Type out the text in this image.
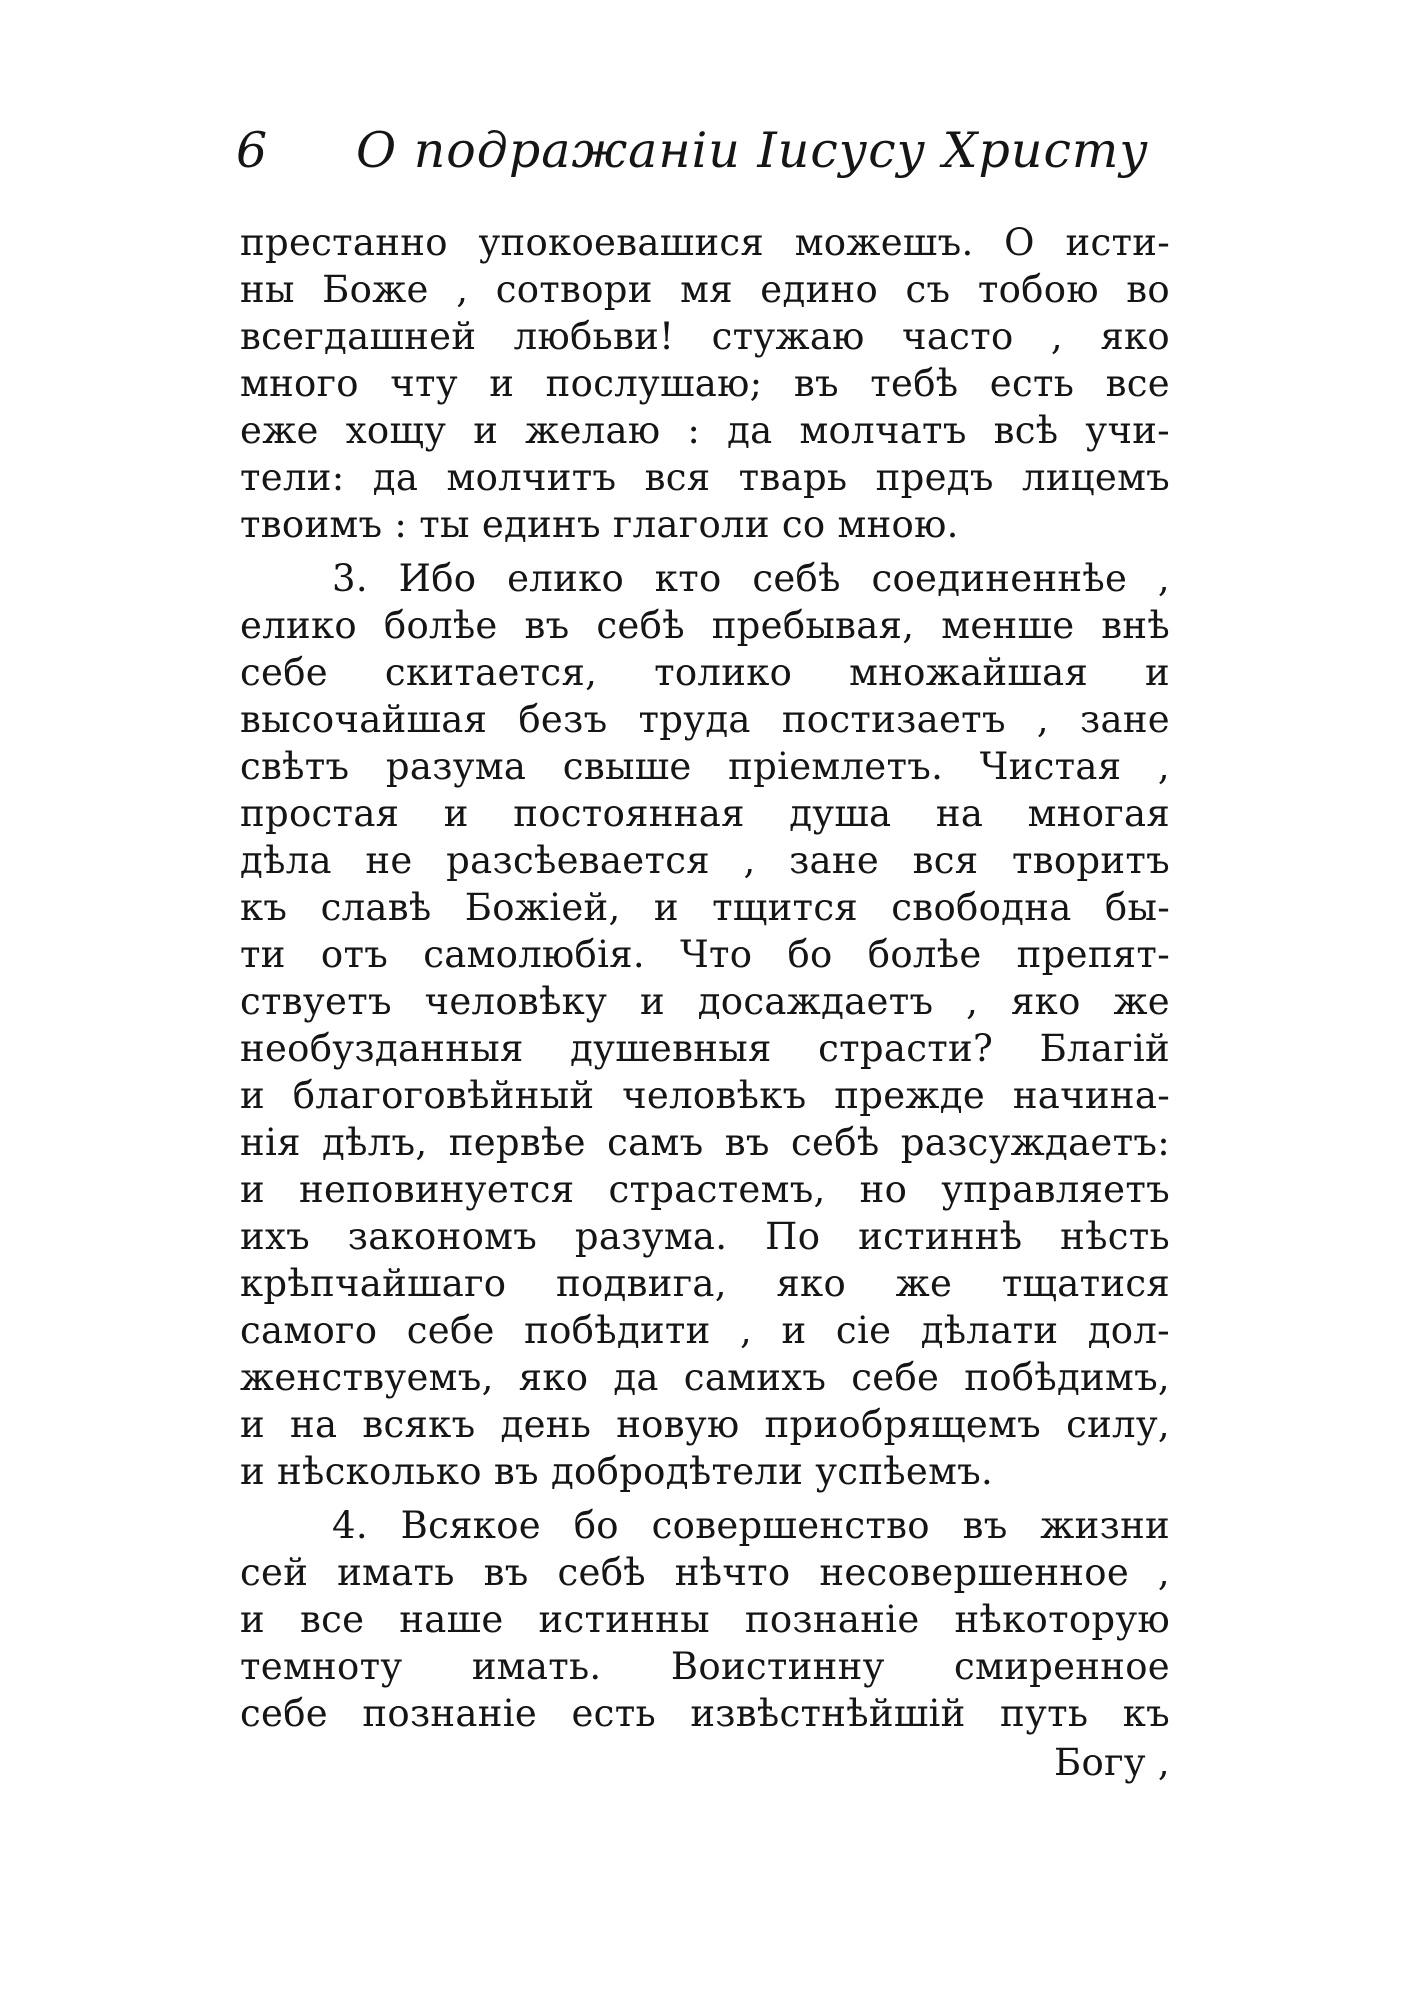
6 О подражаніи Іисусу Христу
престанно упокоевашися можешъ. О исти-
ны Боже , сотвори мя едино съ тобою во
всегдашней любьви! стужаю часто , яко
много чту и послушаю; въ тебѣ есть все
еже хощу и желаю : да молчатъ всѣ учи-
тели: да молчитъ вся тварь предъ лицемъ
твоимъ : ты единъ глаголи со мною.
3. Ибо елико кто себѣ соединеннѣе ,
елико болѣе въ себѣ пребывая, менше внѣ
себе скитается, толико множайшая и
высочайшая безъ труда постизаетъ , зане
свѣтъ разума свыше пріемлетъ. Чистая ,
простая и постоянная душа на многая
дѣла не разсѣевается , зане вся творитъ
къ славѣ Божіей, и тщится свободна бы-
ти отъ самолюбія. Что бо болѣе препят-
ствуетъ человѣку и досаждаетъ , яко же
необузданныя душевныя страсти? Благій
и благоговѣйный человѣкъ прежде начина-
нія дѣлъ, первѣе самъ въ себѣ разсуждаетъ:
и неповинуется страстемъ, но управляетъ
ихъ закономъ разума. По истиннѣ нѣсть
крѣпчайшаго подвига, яко же тщатися
самого себе побѣдити , и сіе дѣлати дол-
женствуемъ, яко да самихъ себе побѣдимъ,
и на всякъ день новую приобрящемъ силу,
и нѣсколько въ добродѣтели успѣемъ.
4. Всякое бо совершенство въ жизни
сей имать въ себѣ нѣчто несовершенное ,
и все наше истинны познаніе нѣкоторую
темноту имать. Воистинну смиренное
себе познаніе есть извѣстнѣйшій путь къ
Богу ,
